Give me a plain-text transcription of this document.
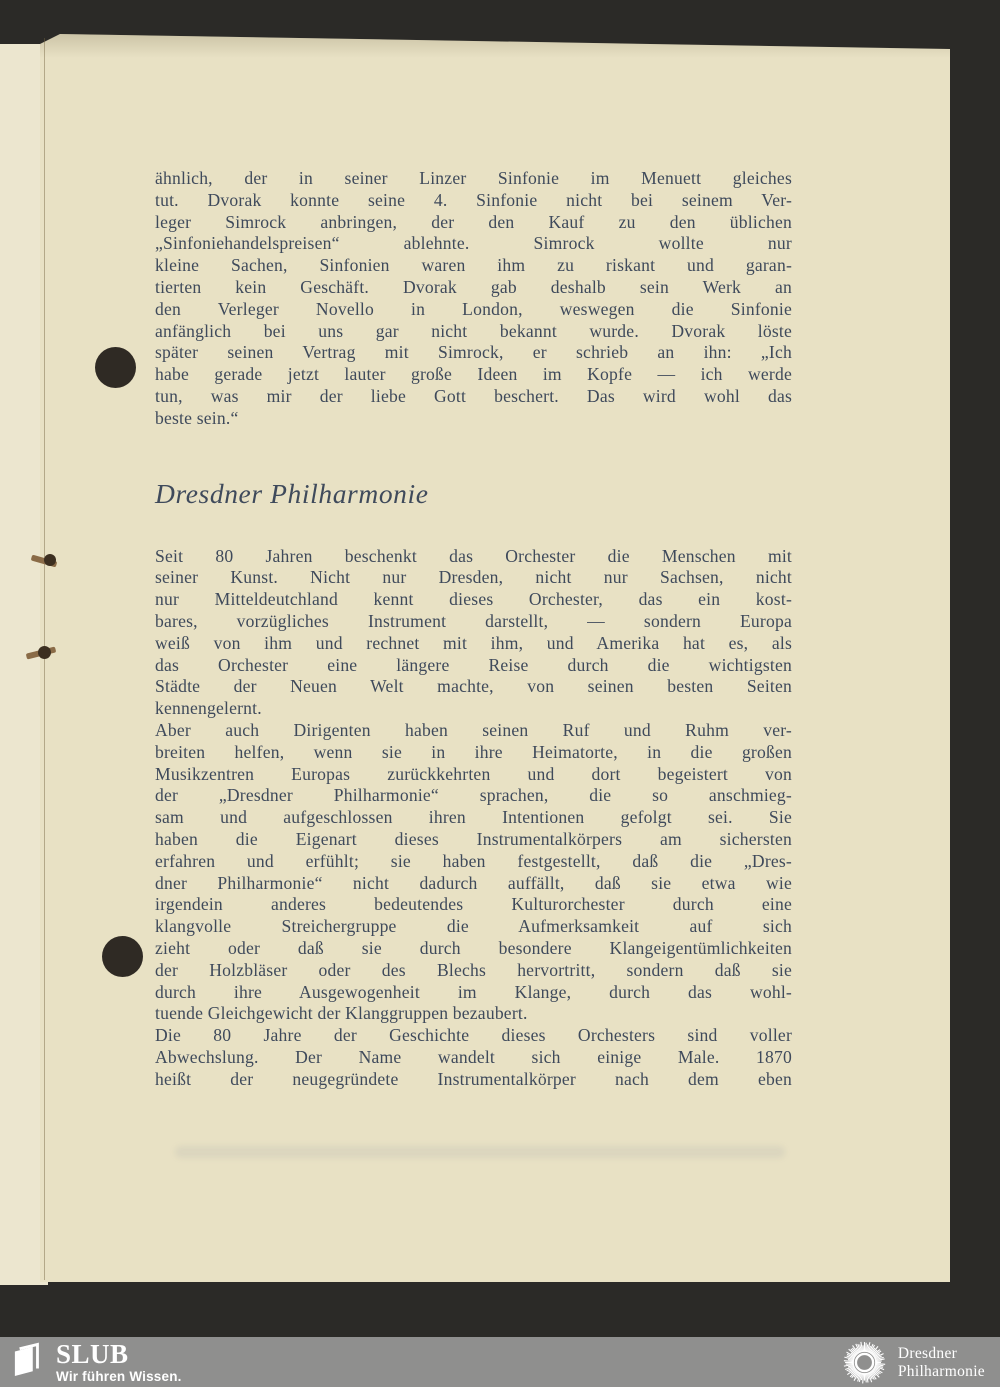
ähnlich, der in seiner Linzer Sinfonie im Menuett gleiches
tut. Dvorak konnte seine 4. Sinfonie nicht bei seinem Ver-
leger Simrock anbringen, der den Kauf zu den üblichen
„Sinfoniehandelspreisen“ ablehnte. Simrock wollte nur
kleine Sachen, Sinfonien waren ihm zu riskant und garan-
tierten kein Geschäft. Dvorak gab deshalb sein Werk an
den Verleger Novello in London, weswegen die Sinfonie
anfänglich bei uns gar nicht bekannt wurde. Dvorak löste
später seinen Vertrag mit Simrock, er schrieb an ihn: „Ich
habe gerade jetzt lauter große Ideen im Kopfe — ich werde
tun, was mir der liebe Gott beschert. Das wird wohl das
beste sein.“
Dresdner Philharmonie
Seit 80 Jahren beschenkt das Orchester die Menschen mit
seiner Kunst. Nicht nur Dresden, nicht nur Sachsen, nicht
nur Mitteldeutchland kennt dieses Orchester, das ein kost-
bares, vorzügliches Instrument darstellt, — sondern Europa
weiß von ihm und rechnet mit ihm, und Amerika hat es, als
das Orchester eine längere Reise durch die wichtigsten
Städte der Neuen Welt machte, von seinen besten Seiten
kennengelernt.
Aber auch Dirigenten haben seinen Ruf und Ruhm ver-
breiten helfen, wenn sie in ihre Heimatorte, in die großen
Musikzentren Europas zurückkehrten und dort begeistert von
der „Dresdner Philharmonie“ sprachen, die so anschmieg-
sam und aufgeschlossen ihren Intentionen gefolgt sei. Sie
haben die Eigenart dieses Instrumentalkörpers am sichersten
erfahren und erfühlt; sie haben festgestellt, daß die „Dres-
dner Philharmonie“ nicht dadurch auffällt, daß sie etwa wie
irgendein anderes bedeutendes Kulturorchester durch eine
klangvolle Streichergruppe die Aufmerksamkeit auf sich
zieht oder daß sie durch besondere Klangeigentümlichkeiten
der Holzbläser oder des Blechs hervortritt, sondern daß sie
durch ihre Ausgewogenheit im Klange, durch das wohl-
tuende Gleichgewicht der Klanggruppen bezaubert.
Die 80 Jahre der Geschichte dieses Orchesters sind voller
Abwechslung. Der Name wandelt sich einige Male. 1870
heißt der neugegründete Instrumentalkörper nach dem eben
SLUB
Wir führen Wissen.
Dresdner
Philharmonie
